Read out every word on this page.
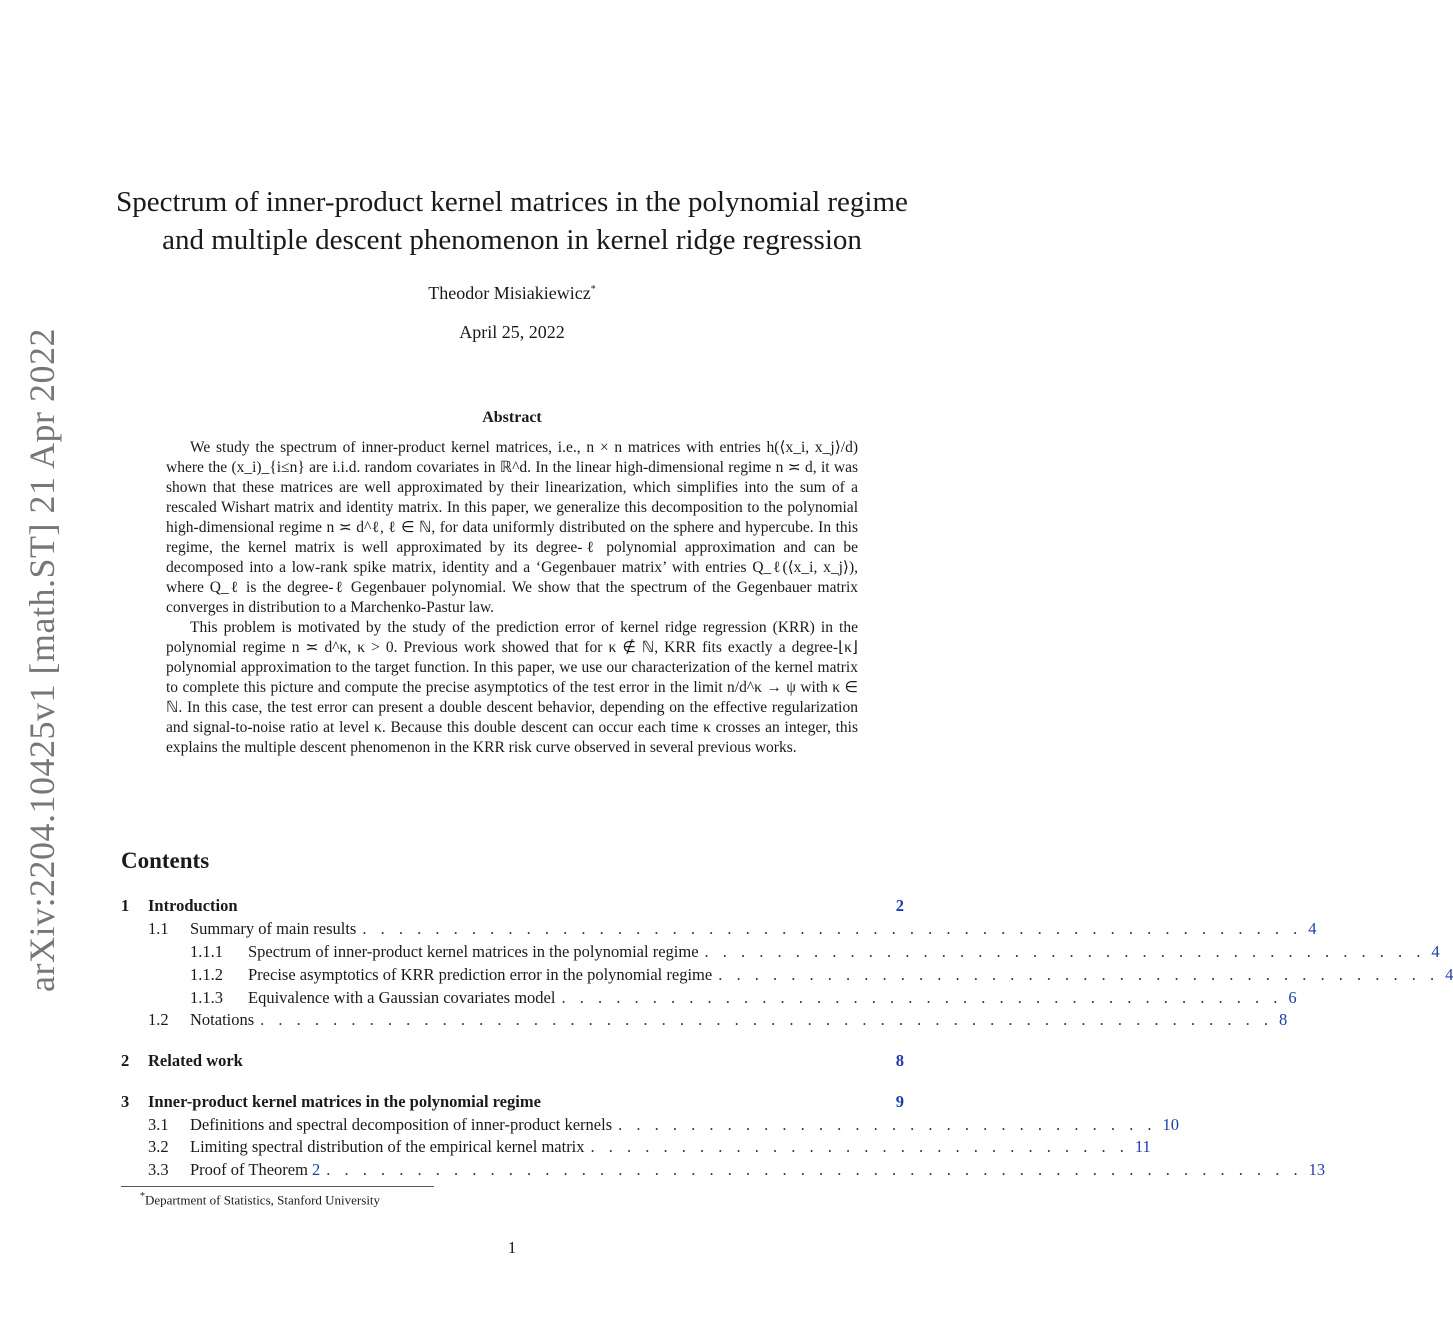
arXiv:2204.10425v1 [math.ST] 21 Apr 2022
Spectrum of inner-product kernel matrices in the polynomial regime
and multiple descent phenomenon in kernel ridge regression
Theodor Misiakiewicz*
April 25, 2022
Abstract

We study the spectrum of inner-product kernel matrices, i.e., n × n matrices with entries h(⟨x_i, x_j⟩/d) where the (x_i)_{i≤n} are i.i.d. random covariates in ℝ^d. In the linear high-dimensional regime n ≍ d, it was shown that these matrices are well approximated by their linearization, which simplifies into the sum of a rescaled Wishart matrix and identity matrix. In this paper, we generalize this decomposition to the polynomial high-dimensional regime n ≍ d^ℓ, ℓ ∈ ℕ, for data uniformly distributed on the sphere and hypercube. In this regime, the kernel matrix is well approximated by its degree-ℓ polynomial approximation and can be decomposed into a low-rank spike matrix, identity and a ‘Gegenbauer matrix’ with entries Q_ℓ(⟨x_i, x_j⟩), where Q_ℓ is the degree-ℓ Gegenbauer polynomial. We show that the spectrum of the Gegenbauer matrix converges in distribution to a Marchenko-Pastur law.

This problem is motivated by the study of the prediction error of kernel ridge regression (KRR) in the polynomial regime n ≍ d^κ, κ > 0. Previous work showed that for κ ∉ ℕ, KRR fits exactly a degree-⌊κ⌋ polynomial approximation to the target function. In this paper, we use our characterization of the kernel matrix to complete this picture and compute the precise asymptotics of the test error in the limit n/d^κ → ψ with κ ∈ ℕ. In this case, the test error can present a double descent behavior, depending on the effective regularization and signal-to-noise ratio at level κ. Because this double descent can occur each time κ crosses an integer, this explains the multiple descent phenomenon in the KRR risk curve observed in several previous works.

Contents
1	Introduction	2
1.1	Summary of main results . . . . . . . . . . . . . . . . . . . . . . . . . . . . . . . . . . . . . . . . . . . . . . . . . . . . 4
1.1.1	Spectrum of inner-product kernel matrices in the polynomial regime . . . . . . . . . . . . . . . . . . . . . . . . . . . . . . . . . . . . . . . . 4
1.1.2	Precise asymptotics of KRR prediction error in the polynomial regime . . . . . . . . . . . . . . . . . . . . . . . . . . . . . . . . . . . . . . . . 4
1.1.3	Equivalence with a Gaussian covariates model . . . . . . . . . . . . . . . . . . . . . . . . . . . . . . . . . . . . . . . . 6
1.2	Notations . . . . . . . . . . . . . . . . . . . . . . . . . . . . . . . . . . . . . . . . . . . . . . . . . . . . . . . . 8
2	Related work	8
3	Inner-product kernel matrices in the polynomial regime	9
3.1	Definitions and spectral decomposition of inner-product kernels . . . . . . . . . . . . . . . . . . . . . . . . . . . . . . 10
3.2	Limiting spectral distribution of the empirical kernel matrix . . . . . . . . . . . . . . . . . . . . . . . . . . . . . . 11
3.3	Proof of Theorem 2 . . . . . . . . . . . . . . . . . . . . . . . . . . . . . . . . . . . . . . . . . . . . . . . . . . . . . . 13
*Department of Statistics, Stanford University
1
